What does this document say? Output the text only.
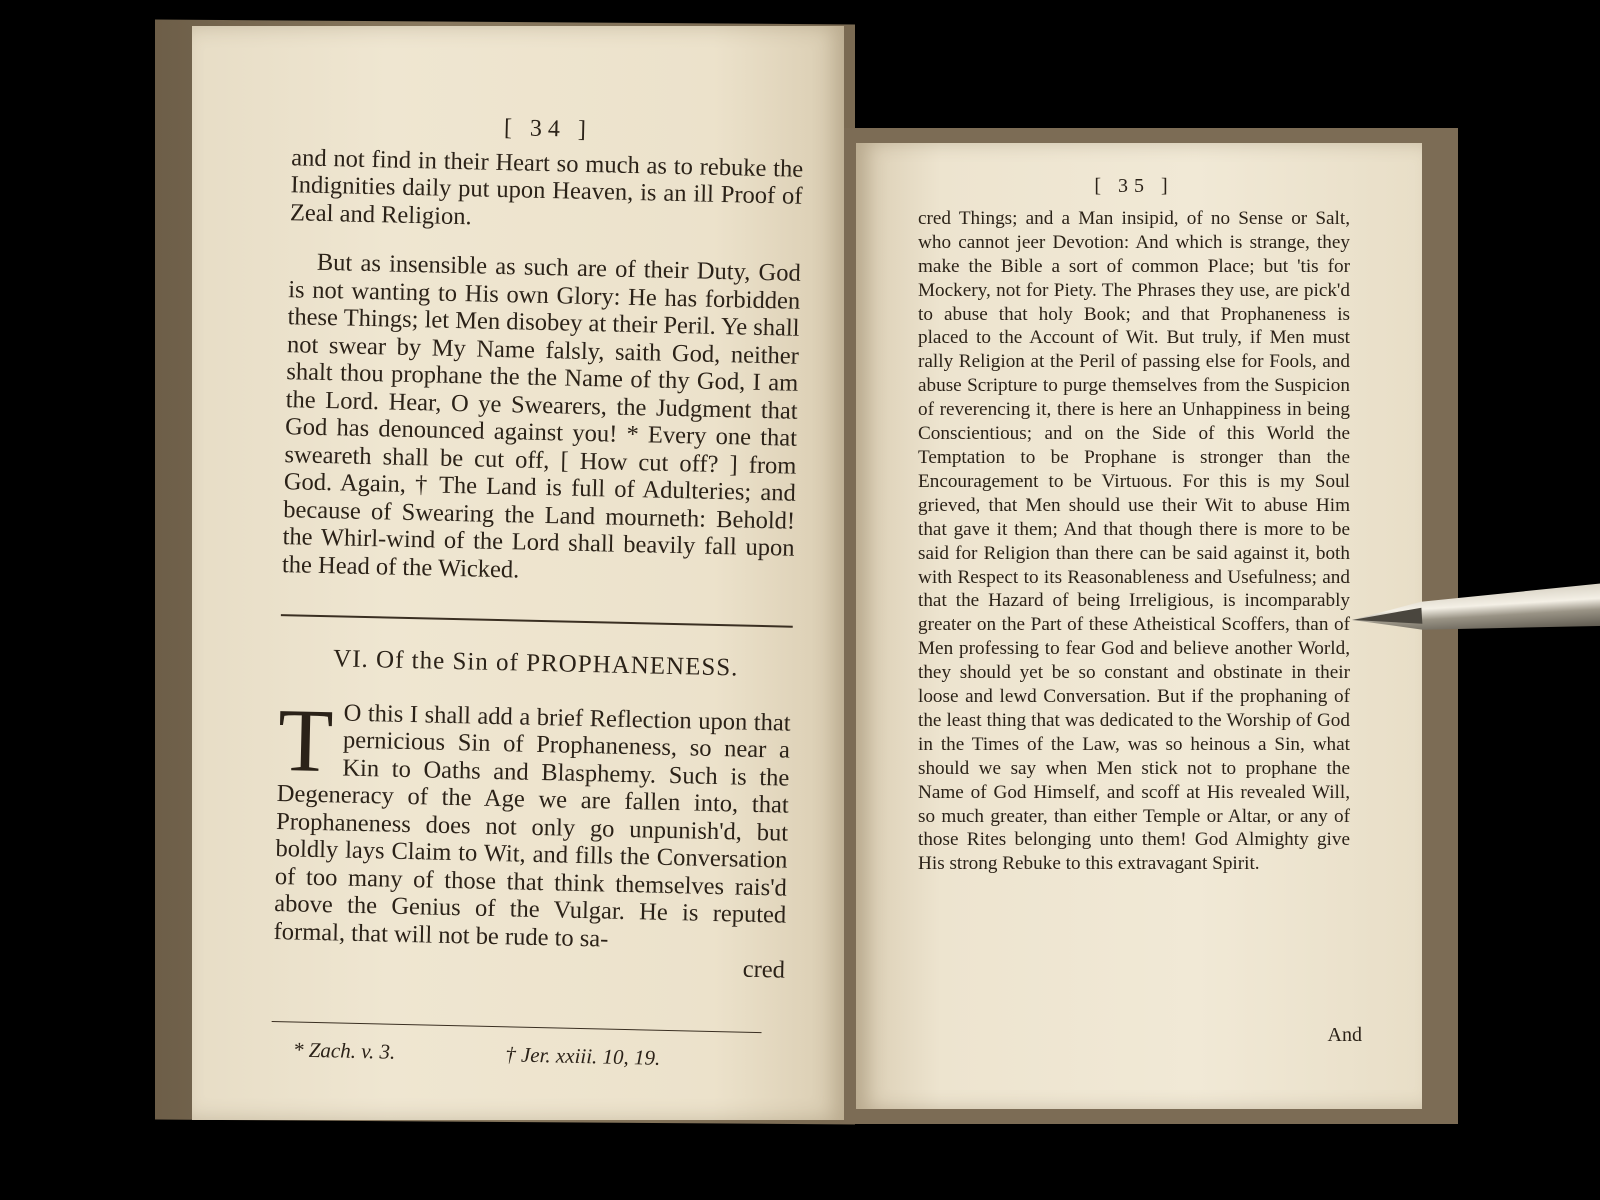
[ 34 ]

and not find in their Heart so much as to rebuke the Indignities daily put upon Heaven, is an ill Proof of Zeal and Religion.

But as insensible as such are of their Duty, God is not wanting to His own Glory: He has forbidden these Things; let Men disobey at their Peril. Ye shall not swear by My Name falsly, saith God, neither shalt thou prophane the the Name of thy God, I am the Lord. Hear, O ye Swearers, the Judgment that God has denounced against you! * Every one that sweareth shall be cut off, [ How cut off? ] from God. Again, † The Land is full of Adulteries; and because of Swearing the Land mourneth: Behold! the Whirl-wind of the Lord shall beavily fall upon the Head of the Wicked.

VI. Of the Sin of PROPHANENESS.
T O this I shall add a brief Reflection upon that pernicious Sin of Prophaneness, so near a Kin to Oaths and Blasphemy. Such is the Degeneracy of the Age we are fallen into, that Prophaneness does not only go unpunish'd, but boldly lays Claim to Wit, and fills the Conversation of too many of those that think themselves rais'd above the Genius of the Vulgar. He is reputed formal, that will not be rude to sa-

cred
* Zach. v. 3.	† Jer. xxiii. 10, 19.
[ 35 ]

cred Things; and a Man insipid, of no Sense or Salt, who cannot jeer Devotion: And which is strange, they make the Bible a sort of common Place; but 'tis for Mockery, not for Piety. The Phrases they use, are pick'd to abuse that holy Book; and that Prophaneness is placed to the Account of Wit. But truly, if Men must rally Religion at the Peril of passing else for Fools, and abuse Scripture to purge themselves from the Suspicion of reverencing it, there is here an Unhappiness in being Conscientious; and on the Side of this World the Temptation to be Prophane is stronger than the Encouragement to be Virtuous. For this is my Soul grieved, that Men should use their Wit to abuse Him that gave it them; And that though there is more to be said for Religion than there can be said against it, both with Respect to its Reasonableness and Usefulness; and that the Hazard of being Irreligious, is incomparably greater on the Part of these Atheistical Scoffers, than of Men professing to fear God and believe another World, they should yet be so constant and obstinate in their loose and lewd Conversation. But if the prophaning of the least thing that was dedicated to the Worship of God in the Times of the Law, was so heinous a Sin, what should we say when Men stick not to prophane the Name of God Himself, and scoff at His revealed Will, so much greater, than either Temple or Altar, or any of those Rites belonging unto them! God Almighty give His strong Rebuke to this extravagant Spirit.

And
